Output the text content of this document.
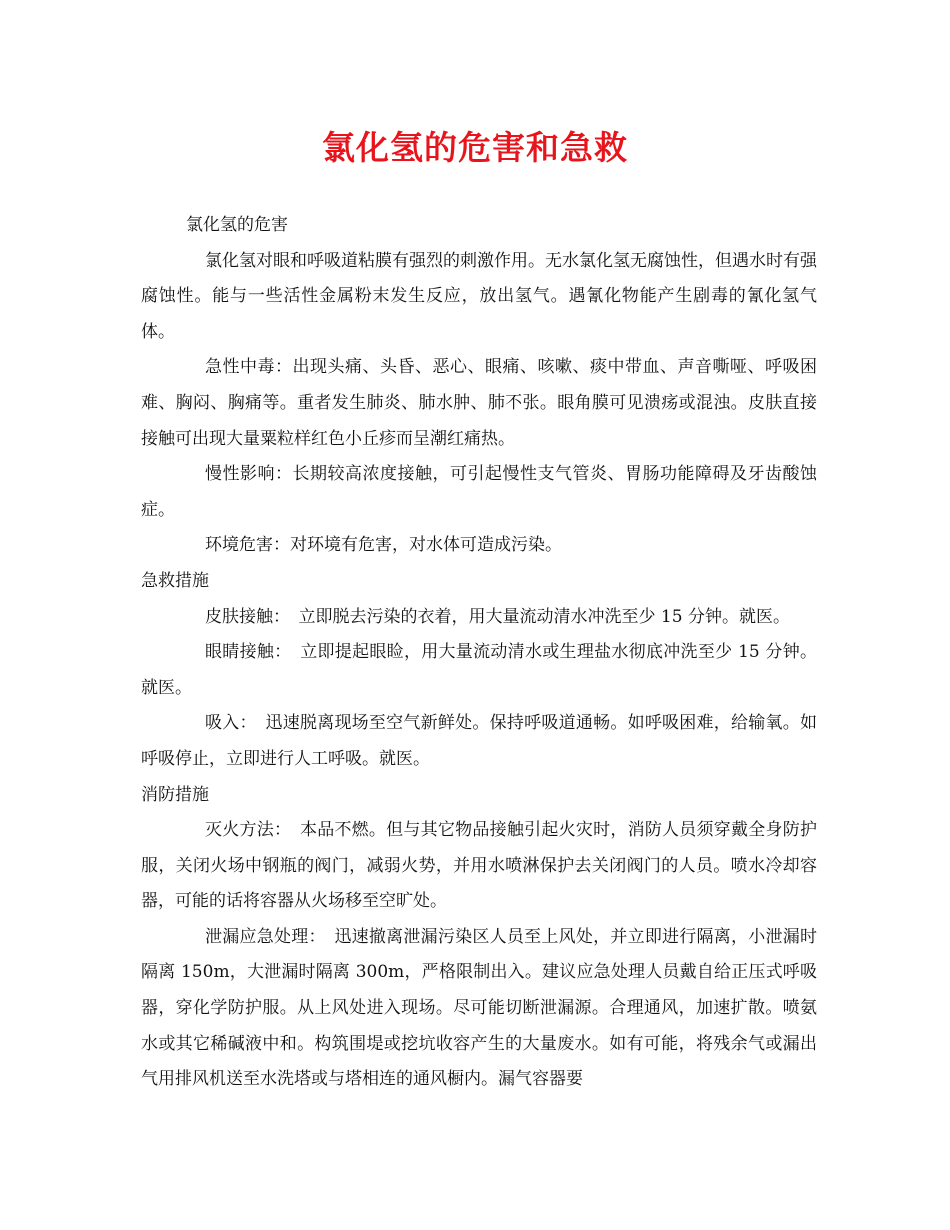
氯化氢的危害和急救

氯化氢的危害

氯化氢对眼和呼吸道粘膜有强烈的刺激作用。无水氯化氢无腐蚀性，但遇水时有强腐蚀性。能与一些活性金属粉末发生反应，放出氢气。遇氰化物能产生剧毒的氰化氢气体。

急性中毒：出现头痛、头昏、恶心、眼痛、咳嗽、痰中带血、声音嘶哑、呼吸困难、胸闷、胸痛等。重者发生肺炎、肺水肿、肺不张。眼角膜可见溃疡或混浊。皮肤直接接触可出现大量粟粒样红色小丘疹而呈潮红痛热。

慢性影响：长期较高浓度接触，可引起慢性支气管炎、胃肠功能障碍及牙齿酸蚀症。

环境危害：对环境有危害，对水体可造成污染。

急救措施

皮肤接触：　立即脱去污染的衣着，用大量流动清水冲洗至少 15 分钟。就医。

眼睛接触：　立即提起眼睑，用大量流动清水或生理盐水彻底冲洗至少 15 分钟。就医。

吸入：　迅速脱离现场至空气新鲜处。保持呼吸道通畅。如呼吸困难，给输氧。如呼吸停止，立即进行人工呼吸。就医。

消防措施

灭火方法：　本品不燃。但与其它物品接触引起火灾时，消防人员须穿戴全身防护服，关闭火场中钢瓶的阀门，减弱火势，并用水喷淋保护去关闭阀门的人员。喷水冷却容器，可能的话将容器从火场移至空旷处。

泄漏应急处理：　迅速撤离泄漏污染区人员至上风处，并立即进行隔离，小泄漏时隔离 150m，大泄漏时隔离 300m，严格限制出入。建议应急处理人员戴自给正压式呼吸器，穿化学防护服。从上风处进入现场。尽可能切断泄漏源。合理通风，加速扩散。喷氨水或其它稀碱液中和。构筑围堤或挖坑收容产生的大量废水。如有可能，将残余气或漏出气用排风机送至水洗塔或与塔相连的通风橱内。漏气容器要
